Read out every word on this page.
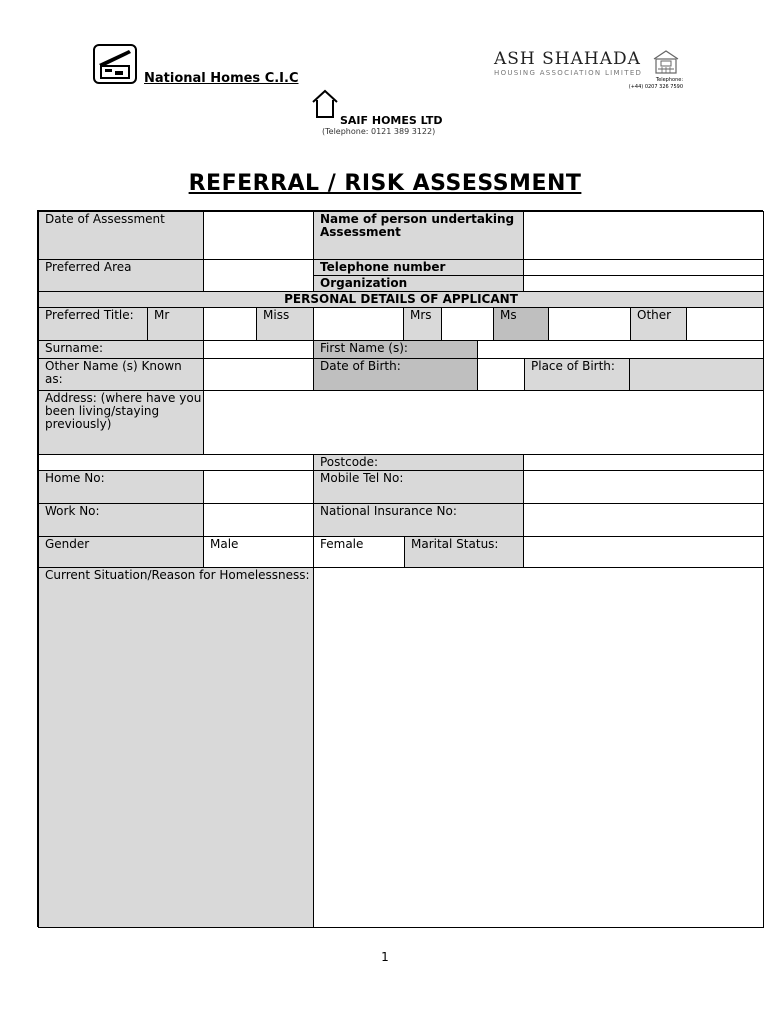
National Homes C.I.C
ASH SHAHADA
HOUSING ASSOCIATION LIMITED
Telephone:
(+44) 0207 326 7590
SAIF HOMES LTD
(Telephone: 0121 389 3122)
REFERRAL / RISK ASSESSMENT
Date of Assessment	Name of person undertaking Assessment
Preferred Area	Telephone number
Organization
PERSONAL DETAILS OF APPLICANT
Preferred Title:	Mr	Miss	Mrs	Ms	Other
Surname:	First Name (s):
Other Name (s) Known as:
Date of Birth:	Place of Birth:
Address: (where have you been living/staying previously)
Postcode:
Home No:	Mobile Tel No:
Work No:	National Insurance No:
Gender	Male	Female	Marital Status:
Current Situation/Reason for Homelessness:
1
